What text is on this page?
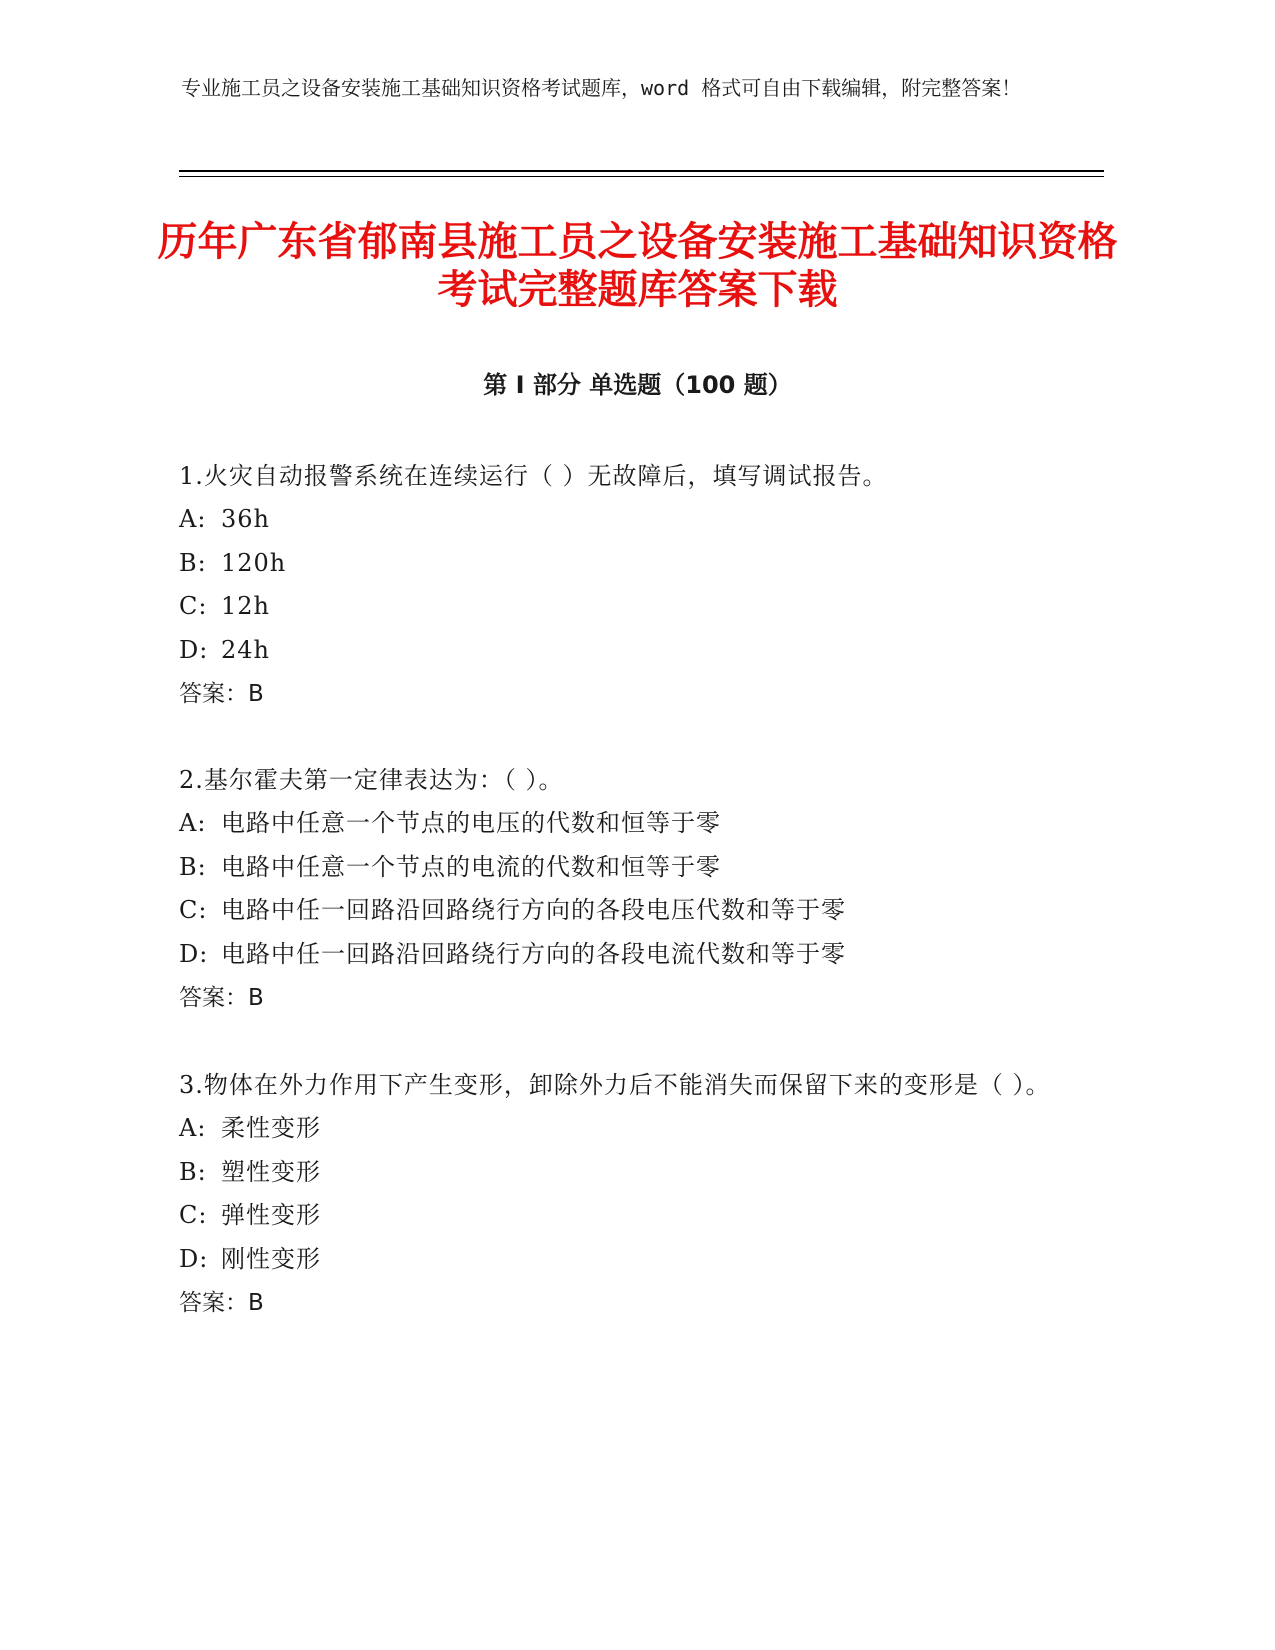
专业施工员之设备安装施工基础知识资格考试题库，word 格式可自由下载编辑，附完整答案！
历年广东省郁南县施工员之设备安装施工基础知识资格考试完整题库答案下载
第 I 部分 单选题（100 题）

1.火灾自动报警系统在连续运行（ ）无故障后，填写调试报告。

A: 36h

B: 120h

C: 12h

D: 24h

答案：B

2.基尔霍夫第一定律表达为：（ ）。

A: 电路中任意一个节点的电压的代数和恒等于零

B: 电路中任意一个节点的电流的代数和恒等于零

C: 电路中任一回路沿回路绕行方向的各段电压代数和等于零

D: 电路中任一回路沿回路绕行方向的各段电流代数和等于零

答案：B

3.物体在外力作用下产生变形，卸除外力后不能消失而保留下来的变形是（ ）。

A: 柔性变形

B: 塑性变形

C: 弹性变形

D: 刚性变形

答案：B
